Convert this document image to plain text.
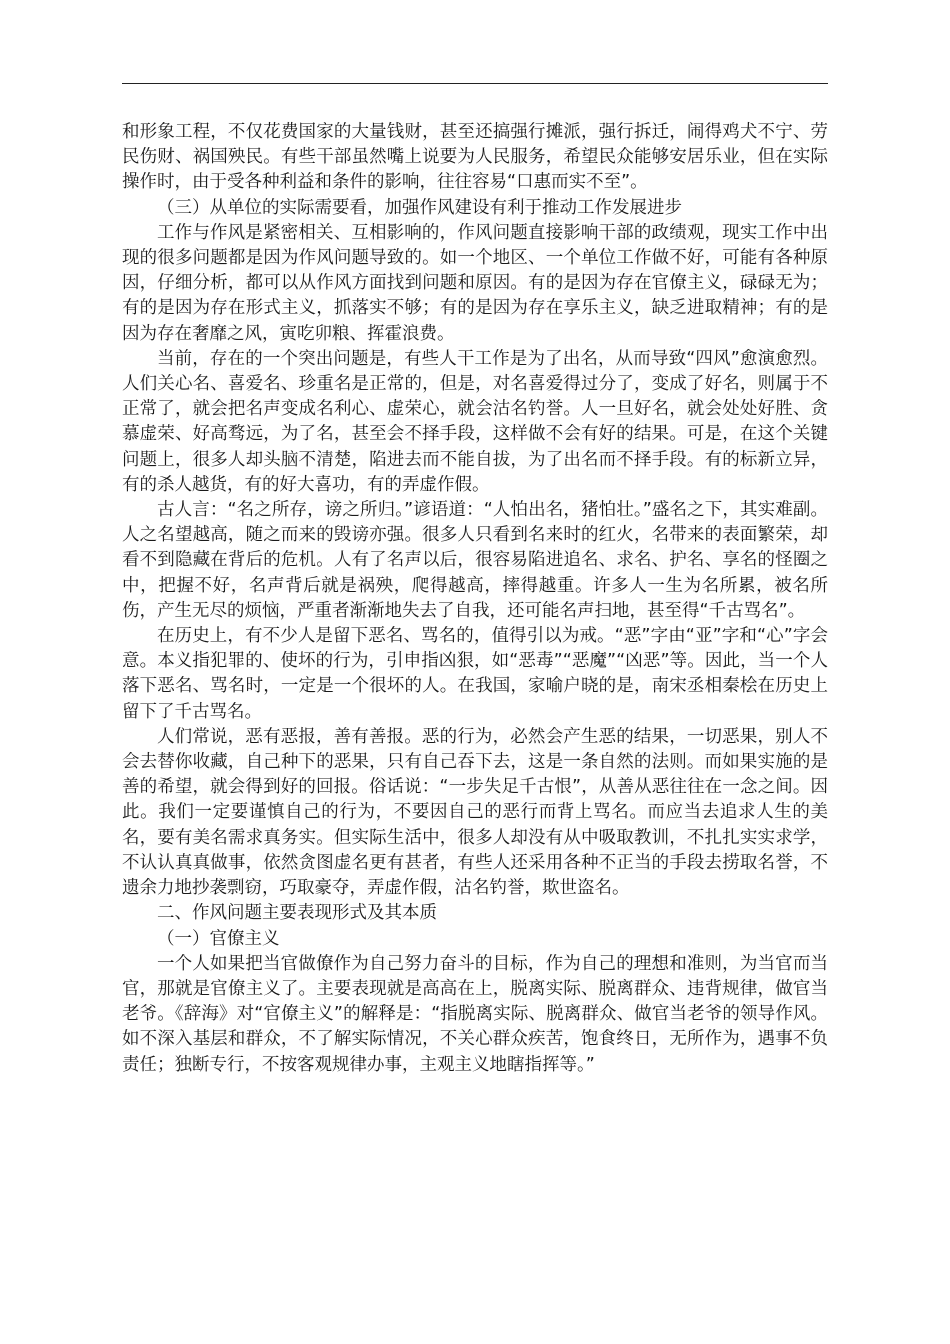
和形象工程，不仅花费国家的大量钱财，甚至还搞强行摊派，强行拆迁，闹得鸡犬不宁、劳民伤财、祸国殃民。有些干部虽然嘴上说要为人民服务，希望民众能够安居乐业，但在实际操作时，由于受各种利益和条件的影响，往往容易“口惠而实不至”。

（三）从单位的实际需要看，加强作风建设有利于推动工作发展进步

工作与作风是紧密相关、互相影响的，作风问题直接影响干部的政绩观，现实工作中出现的很多问题都是因为作风问题导致的。如一个地区、一个单位工作做不好，可能有各种原因，仔细分析，都可以从作风方面找到问题和原因。有的是因为存在官僚主义，碌碌无为；有的是因为存在形式主义，抓落实不够；有的是因为存在享乐主义，缺乏进取精神；有的是因为存在奢靡之风，寅吃卯粮、挥霍浪费。

当前，存在的一个突出问题是，有些人干工作是为了出名，从而导致“四风”愈演愈烈。人们关心名、喜爱名、珍重名是正常的，但是，对名喜爱得过分了，变成了好名，则属于不正常了，就会把名声变成名利心、虚荣心，就会沽名钓誉。人一旦好名，就会处处好胜、贪慕虚荣、好高骛远，为了名，甚至会不择手段，这样做不会有好的结果。可是，在这个关键问题上，很多人却头脑不清楚，陷进去而不能自拔，为了出名而不择手段。有的标新立异，有的杀人越货，有的好大喜功，有的弄虚作假。

古人言：“名之所存，谤之所归。”谚语道：“人怕出名，猪怕壮。”盛名之下，其实难副。人之名望越高，随之而来的毁谤亦强。很多人只看到名来时的红火，名带来的表面繁荣，却看不到隐藏在背后的危机。人有了名声以后，很容易陷进追名、求名、护名、享名的怪圈之中，把握不好，名声背后就是祸殃，爬得越高，摔得越重。许多人一生为名所累，被名所伤，产生无尽的烦恼，严重者渐渐地失去了自我，还可能名声扫地，甚至得“千古骂名”。

在历史上，有不少人是留下恶名、骂名的，值得引以为戒。“恶”字由“亚”字和“心”字会意。本义指犯罪的、使坏的行为，引申指凶狠，如“恶毒”“恶魔”“凶恶”等。因此，当一个人落下恶名、骂名时，一定是一个很坏的人。在我国，家喻户晓的是，南宋丞相秦桧在历史上留下了千古骂名。

人们常说，恶有恶报，善有善报。恶的行为，必然会产生恶的结果，一切恶果，别人不会去替你收藏，自己种下的恶果，只有自己吞下去，这是一条自然的法则。而如果实施的是善的希望，就会得到好的回报。俗话说：“一步失足千古恨”，从善从恶往往在一念之间。因此。我们一定要谨慎自己的行为，不要因自己的恶行而背上骂名。而应当去追求人生的美名，要有美名需求真务实。但实际生活中，很多人却没有从中吸取教训，不扎扎实实求学，不认认真真做事，依然贪图虚名更有甚者，有些人还采用各种不正当的手段去捞取名誉，不遗余力地抄袭剽窃，巧取豪夺，弄虚作假，沽名钓誉，欺世盗名。

二、作风问题主要表现形式及其本质

（一）官僚主义

一个人如果把当官做僚作为自己努力奋斗的目标，作为自己的理想和准则，为当官而当官，那就是官僚主义了。主要表现就是高高在上，脱离实际、脱离群众、违背规律，做官当老爷。《辞海》对“官僚主义”的解释是：“指脱离实际、脱离群众、做官当老爷的领导作风。如不深入基层和群众，不了解实际情况，不关心群众疾苦，饱食终日，无所作为，遇事不负责任；独断专行，不按客观规律办事，主观主义地瞎指挥等。”
